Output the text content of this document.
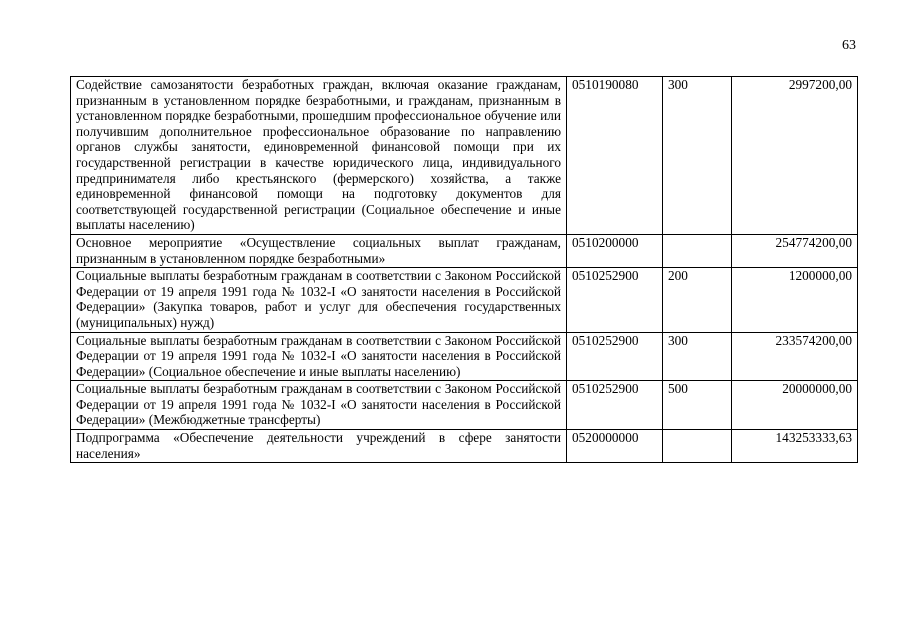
63
Содействие самозанятости безработных граждан, включая оказание гражданам, признанным в установленном порядке безработными, и гражданам, признанным в установленном порядке безработными, прошедшим профессиональное обучение или получившим дополнительное профессиональное образование по направлению органов службы занятости, единовременной финансовой помощи при их государственной регистрации в качестве юридического лица, индивидуального предпринимателя либо крестьянского (фермерского) хозяйства, а также единовременной финансовой помощи на подготовку документов для соответствующей государственной регистрации (Социальное обеспечение и иные выплаты населению)	0510190080	300	2997200,00
Основное мероприятие «Осуществление социальных выплат гражданам, признанным в установленном порядке безработными»	0510200000		254774200,00
Социальные выплаты безработным гражданам в соответствии с Законом Российской Федерации от 19 апреля 1991 года № 1032-I «О занятости населения в Российской Федерации» (Закупка товаров, работ и услуг для обеспечения государственных (муниципальных) нужд)	0510252900	200	1200000,00
Социальные выплаты безработным гражданам в соответствии с Законом Российской Федерации от 19 апреля 1991 года № 1032-I «О занятости населения в Российской Федерации» (Социальное обеспечение и иные выплаты населению)	0510252900	300	233574200,00
Социальные выплаты безработным гражданам в соответствии с Законом Российской Федерации от 19 апреля 1991 года № 1032-I «О занятости населения в Российской Федерации» (Межбюджетные трансферты)	0510252900	500	20000000,00
Подпрограмма «Обеспечение деятельности учреждений в сфере занятости населения»	0520000000		143253333,63
